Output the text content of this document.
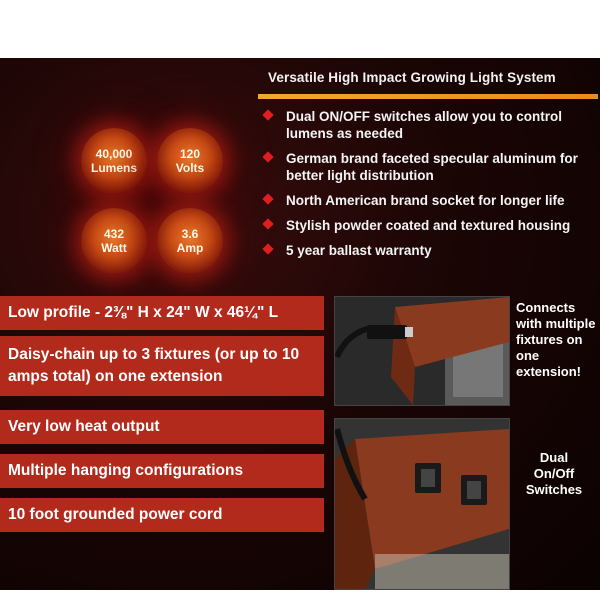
Versatile High Impact Growing Light System
Dual ON/OFF switches allow you to control lumens as needed
German brand faceted specular aluminum for better light distribution
North American brand socket for longer life
Stylish powder coated and textured housing
5 year ballast warranty
40,000
Lumens
120
Volts
432
Watt
3.6
Amp
Low profile - 2⅜" H x 24" W x 46¼" L
Daisy-chain up to 3 fixtures (or up to 10 amps total) on one extension
Very low heat output
Multiple hanging configurations
10 foot grounded power cord
Connects with multiple fixtures on one extension!
Dual On/Off Switches
